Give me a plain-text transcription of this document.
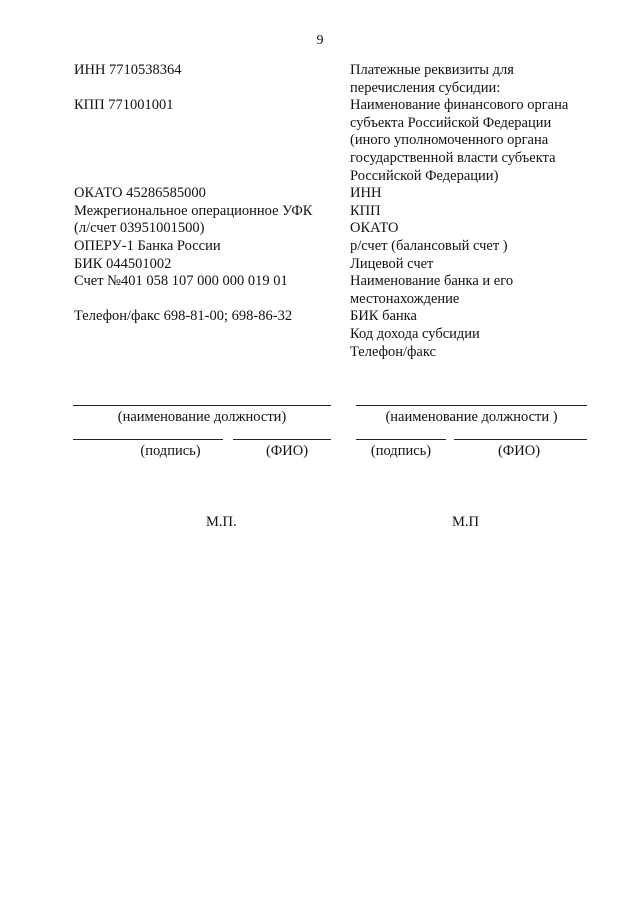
9
ИНН 7710538364
КПП 771001001
ОКАТО 45286585000
Межрегиональное операционное УФК
(л/счет 03951001500)
ОПЕРУ-1 Банка России
БИК 044501002
Счет №401 058 107 000 000 019 01
Телефон/факс 698-81-00; 698-86-32
Платежные реквизиты для
перечисления субсидии:
Наименование финансового органа
субъекта Российской Федерации
(иного уполномоченного органа
государственной власти субъекта
Российской Федерации)
ИНН
КПП
ОКАТО
р/счет (балансовый счет )
Лицевой счет
Наименование банка и его
местонахождение
БИК банка
Код дохода субсидии
Телефон/факс
(наименование должности)
(подпись)	(ФИО)
М.П.
(наименование должности )
(подпись)	(ФИО)
М.П
